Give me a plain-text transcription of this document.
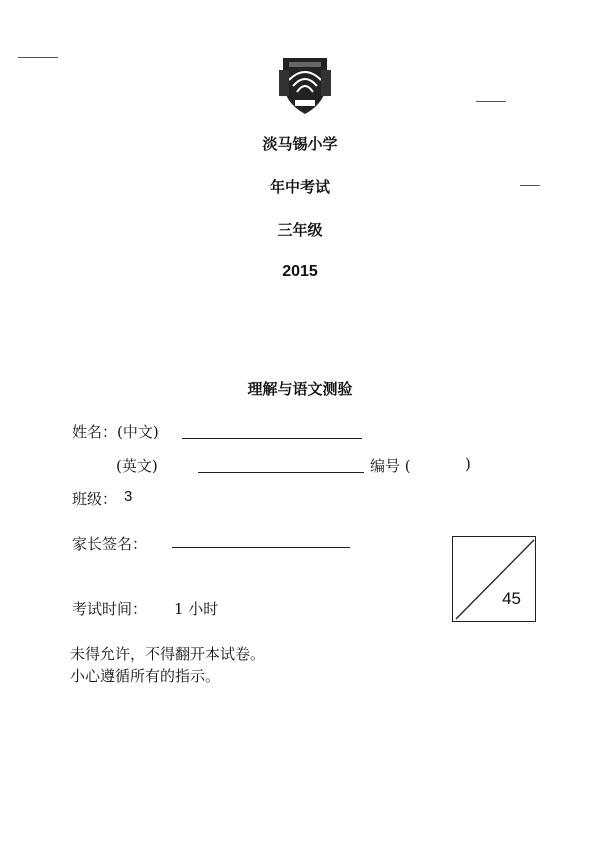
淡马锡小学
年中考试
三年级
2015
理解与语文测验
姓名：(中文)
(英文)	编号 (	)
班级： 3
家长签名：
45
考试时间： 1 小时
未得允许，不得翻开本试卷。
小心遵循所有的指示。
